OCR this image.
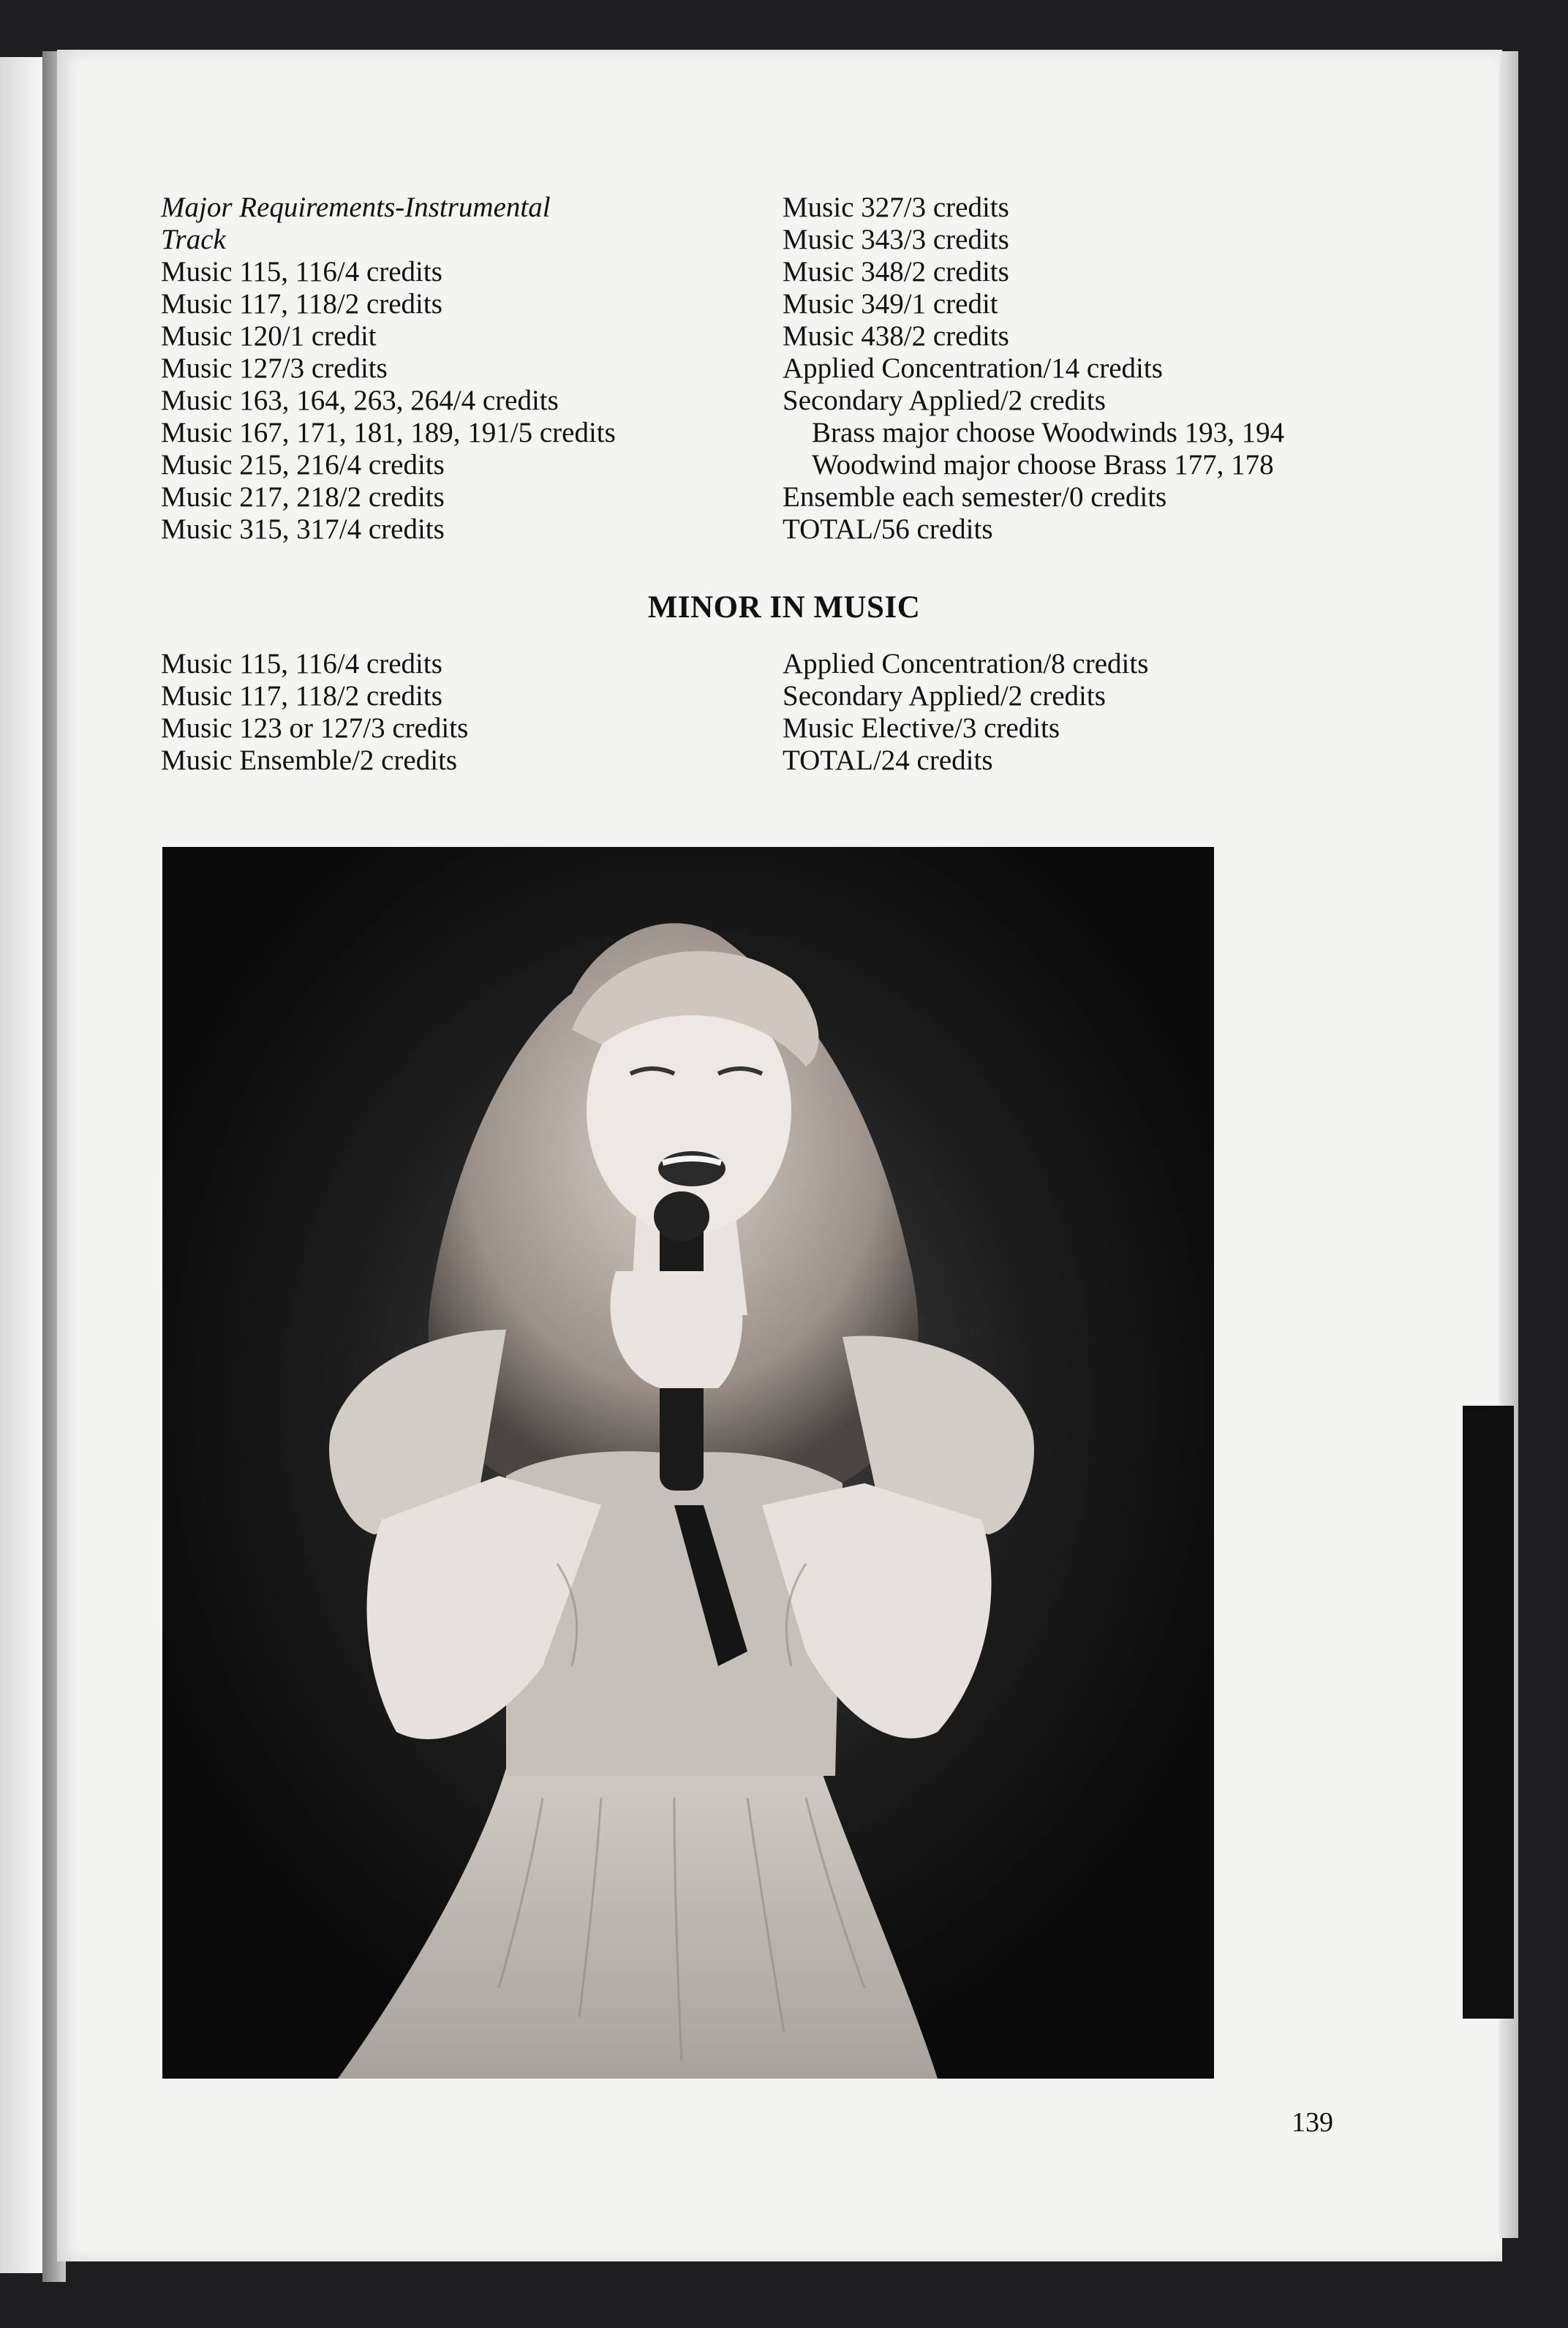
Major Requirements-Instrumental
Track
Music 115, 116/4 credits
Music 117, 118/2 credits
Music 120/1 credit
Music 127/3 credits
Music 163, 164, 263, 264/4 credits
Music 167, 171, 181, 189, 191/5 credits
Music 215, 216/4 credits
Music 217, 218/2 credits
Music 315, 317/4 credits
Music 327/3 credits
Music 343/3 credits
Music 348/2 credits
Music 349/1 credit
Music 438/2 credits
Applied Concentration/14 credits
Secondary Applied/2 credits
Brass major choose Woodwinds 193, 194
Woodwind major choose Brass 177, 178
Ensemble each semester/0 credits
TOTAL/56 credits
MINOR IN MUSIC
Music 115, 116/4 credits
Music 117, 118/2 credits
Music 123 or 127/3 credits
Music Ensemble/2 credits
Applied Concentration/8 credits
Secondary Applied/2 credits
Music Elective/3 credits
TOTAL/24 credits
139
